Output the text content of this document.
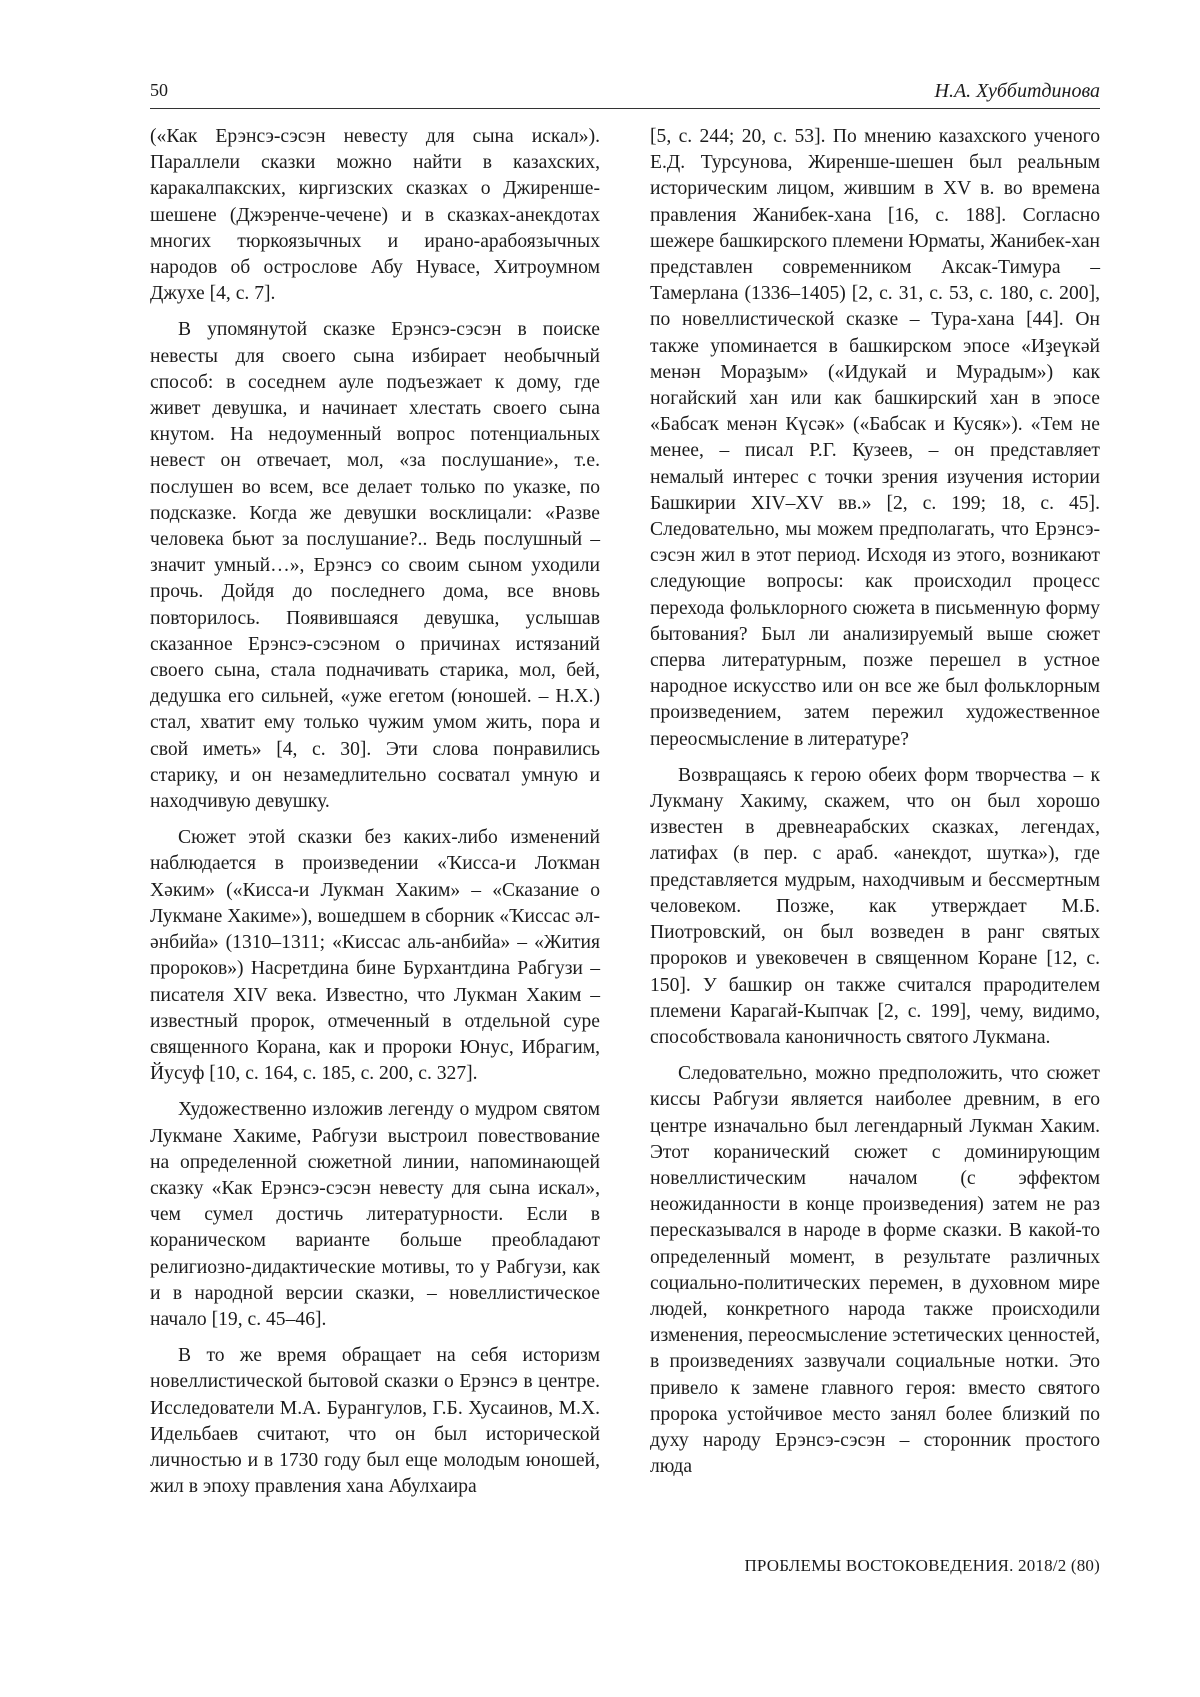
50	Н.А. Хуббитдинова

(«Как Ерэнсэ-сэсэн невесту для сына искал»). Параллели сказки можно найти в казахских, каракалпакских, киргизских сказках о Джиренше-шешене (Джэренче-чечене) и в сказках-анекдотах многих тюркоязычных и ирано-арабоязычных народов об острослове Абу Нувасе, Хитроумном Джухе [4, с. 7].

В упомянутой сказке Ерэнсэ-сэсэн в поиске невесты для своего сына избирает необычный способ: в соседнем ауле подъезжает к дому, где живет девушка, и начинает хлестать своего сына кнутом. На недоуменный вопрос потенциальных невест он отвечает, мол, «за послушание», т.е. послушен во всем, все делает только по указке, по подсказке. Когда же девушки восклицали: «Разве человека бьют за послушание?.. Ведь послушный – значит умный…», Ерэнсэ со своим сыном уходили прочь. Дойдя до последнего дома, все вновь повторилось. Появившаяся девушка, услышав сказанное Ерэнсэ-сэсэном о причинах истязаний своего сына, стала подначивать старика, мол, бей, дедушка его сильней, «уже егетом (юношей. – Н.Х.) стал, хватит ему только чужим умом жить, пора и свой иметь» [4, с. 30]. Эти слова понравились старику, и он незамедлительно сосватал умную и находчивую девушку.

Сюжет этой сказки без каких-либо изменений наблюдается в произведении «Ҡисса-и Лоҡман Хәким» («Кисса-и Лукман Хаким» – «Сказание о Лукмане Хакиме»), вошедшем в сборник «Ҡиссас әл-әнбийа» (1310–1311; «Киссас аль-анбийа» – «Жития пророков») Насретдина бине Бурхантдина Рабгузи – писателя XIV века. Известно, что Лукман Хаким – известный пророк, отмеченный в отдельной суре священного Корана, как и пророки Юнус, Ибрагим, Йусуф [10, с. 164, с. 185, с. 200, с. 327].

Художественно изложив легенду о мудром святом Лукмане Хакиме, Рабгузи выстроил повествование на определенной сюжетной линии, напоминающей сказку «Как Ерэнсэ-сэсэн невесту для сына искал», чем сумел достичь литературности. Если в кораническом варианте больше преобладают религиозно-дидактические мотивы, то у Рабгузи, как и в народной версии сказки, – новеллистическое начало [19, с. 45–46].

В то же время обращает на себя историзм новеллистической бытовой сказки о Ерэнсэ в центре. Исследователи М.А. Бурангулов, Г.Б. Хусаинов, М.Х. Идельбаев считают, что он был исторической личностью и в 1730 году был еще молодым юношей, жил в эпоху правления хана Абулхаира

[5, с. 244; 20, с. 53]. По мнению казахского ученого Е.Д. Турсунова, Жиренше-шешен был реальным историческим лицом, жившим в XV в. во времена правления Жанибек-хана [16, с. 188]. Согласно шежере башкирского племени Юрматы, Жанибек-хан представлен современником Аксак-Тимура – Тамерлана (1336–1405) [2, с. 31, с. 53, с. 180, с. 200], по новеллистической сказке – Тура-хана [44]. Он также упоминается в башкирском эпосе «Иҙеүкәй менән Мораҙым» («Идукай и Мурадым») как ногайский хан или как башкирский хан в эпосе «Бабсаҡ менән Күсәк» («Бабсак и Кусяк»). «Тем не менее, – писал Р.Г. Кузеев, – он представляет немалый интерес с точки зрения изучения истории Башкирии XIV–XV вв.» [2, с. 199; 18, с. 45]. Следовательно, мы можем предполагать, что Ерэнсэ-сэсэн жил в этот период. Исходя из этого, возникают следующие вопросы: как происходил процесс перехода фольклорного сюжета в письменную форму бытования? Был ли анализируемый выше сюжет сперва литературным, позже перешел в устное народное искусство или он все же был фольклорным произведением, затем пережил художественное переосмысление в литературе?

Возвращаясь к герою обеих форм творчества – к Лукману Хакиму, скажем, что он был хорошо известен в древнеарабских сказках, легендах, латифах (в пер. с араб. «анекдот, шутка»), где представляется мудрым, находчивым и бессмертным человеком. Позже, как утверждает М.Б. Пиотровский, он был возведен в ранг святых пророков и увековечен в священном Коране [12, с. 150]. У башкир он также считался прародителем племени Карагай-Кыпчак [2, с. 199], чему, видимо, способствовала каноничность святого Лукмана.

Следовательно, можно предположить, что сюжет киссы Рабгузи является наиболее древним, в его центре изначально был легендарный Лукман Хаким. Этот коранический сюжет с доминирующим новеллистическим началом (с эффектом неожиданности в конце произведения) затем не раз пересказывался в народе в форме сказки. В какой-то определенный момент, в результате различных социально-политических перемен, в духовном мире людей, конкретного народа также происходили изменения, переосмысление эстетических ценностей, в произведениях зазвучали социальные нотки. Это привело к замене главного героя: вместо святого пророка устойчивое место занял более близкий по духу народу Ерэнсэ-сэсэн – сторонник простого люда

ПРОБЛЕМЫ ВОСТОКОВЕДЕНИЯ. 2018/2 (80)
